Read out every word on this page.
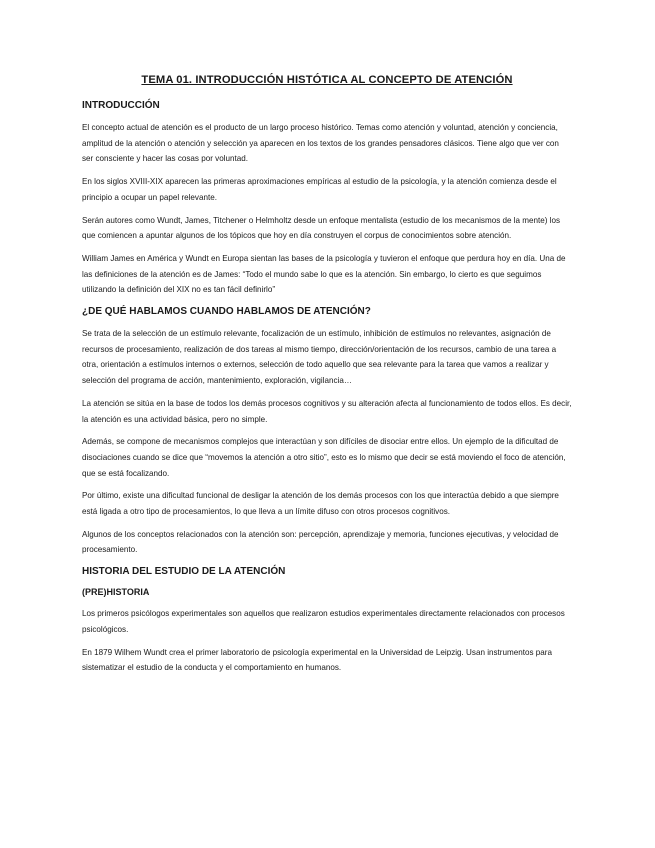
TEMA 01. INTRODUCCIÓN HISTÓTICA AL CONCEPTO DE ATENCIÓN
INTRODUCCIÓN

El concepto actual de atención es el producto de un largo proceso histórico. Temas como atención y voluntad, atención y conciencia, amplitud de la atención o atención y selección ya aparecen en los textos de los grandes pensadores clásicos. Tiene algo que ver con ser consciente y hacer las cosas por voluntad.

En los siglos XVIII-XIX aparecen las primeras aproximaciones empíricas al estudio de la psicología, y la atención comienza desde el principio a ocupar un papel relevante.

Serán autores como Wundt, James, Titchener o Helmholtz desde un enfoque mentalista (estudio de los mecanismos de la mente) los que comiencen a apuntar algunos de los tópicos que hoy en día construyen el corpus de conocimientos sobre atención.

William James en América y Wundt en Europa sientan las bases de la psicología y tuvieron el enfoque que perdura hoy en día. Una de las definiciones de la atención es de James: “Todo el mundo sabe lo que es la atención. Sin embargo, lo cierto es que seguimos utilizando la definición del XIX no es tan fácil definirlo”

¿DE QUÉ HABLAMOS CUANDO HABLAMOS DE ATENCIÓN?

Se trata de la selección de un estímulo relevante, focalización de un estímulo, inhibición de estímulos no relevantes, asignación de recursos de procesamiento, realización de dos tareas al mismo tiempo, dirección/orientación de los recursos, cambio de una tarea a otra, orientación a estímulos internos o externos, selección de todo aquello que sea relevante para la tarea que vamos a realizar y selección del programa de acción, mantenimiento, exploración, vigilancia…

La atención se sitúa en la base de todos los demás procesos cognitivos y su alteración afecta al funcionamiento de todos ellos. Es decir, la atención es una actividad básica, pero no simple.

Además, se compone de mecanismos complejos que interactúan y son difíciles de disociar entre ellos. Un ejemplo de la dificultad de disociaciones cuando se dice que “movemos la atención a otro sitio”, esto es lo mismo que decir se está moviendo el foco de atención, que se está focalizando.

Por último, existe una dificultad funcional de desligar la atención de los demás procesos con los que interactúa debido a que siempre está ligada a otro tipo de procesamientos, lo que lleva a un límite difuso con otros procesos cognitivos.

Algunos de los conceptos relacionados con la atención son: percepción, aprendizaje y memoria, funciones ejecutivas, y velocidad de procesamiento.

HISTORIA DEL ESTUDIO DE LA ATENCIÓN
(PRE)HISTORIA

Los primeros psicólogos experimentales son aquellos que realizaron estudios experimentales directamente relacionados con procesos psicológicos.

En 1879 Wilhem Wundt crea el primer laboratorio de psicología experimental en la Universidad de Leipzig. Usan instrumentos para sistematizar el estudio de la conducta y el comportamiento en humanos.
